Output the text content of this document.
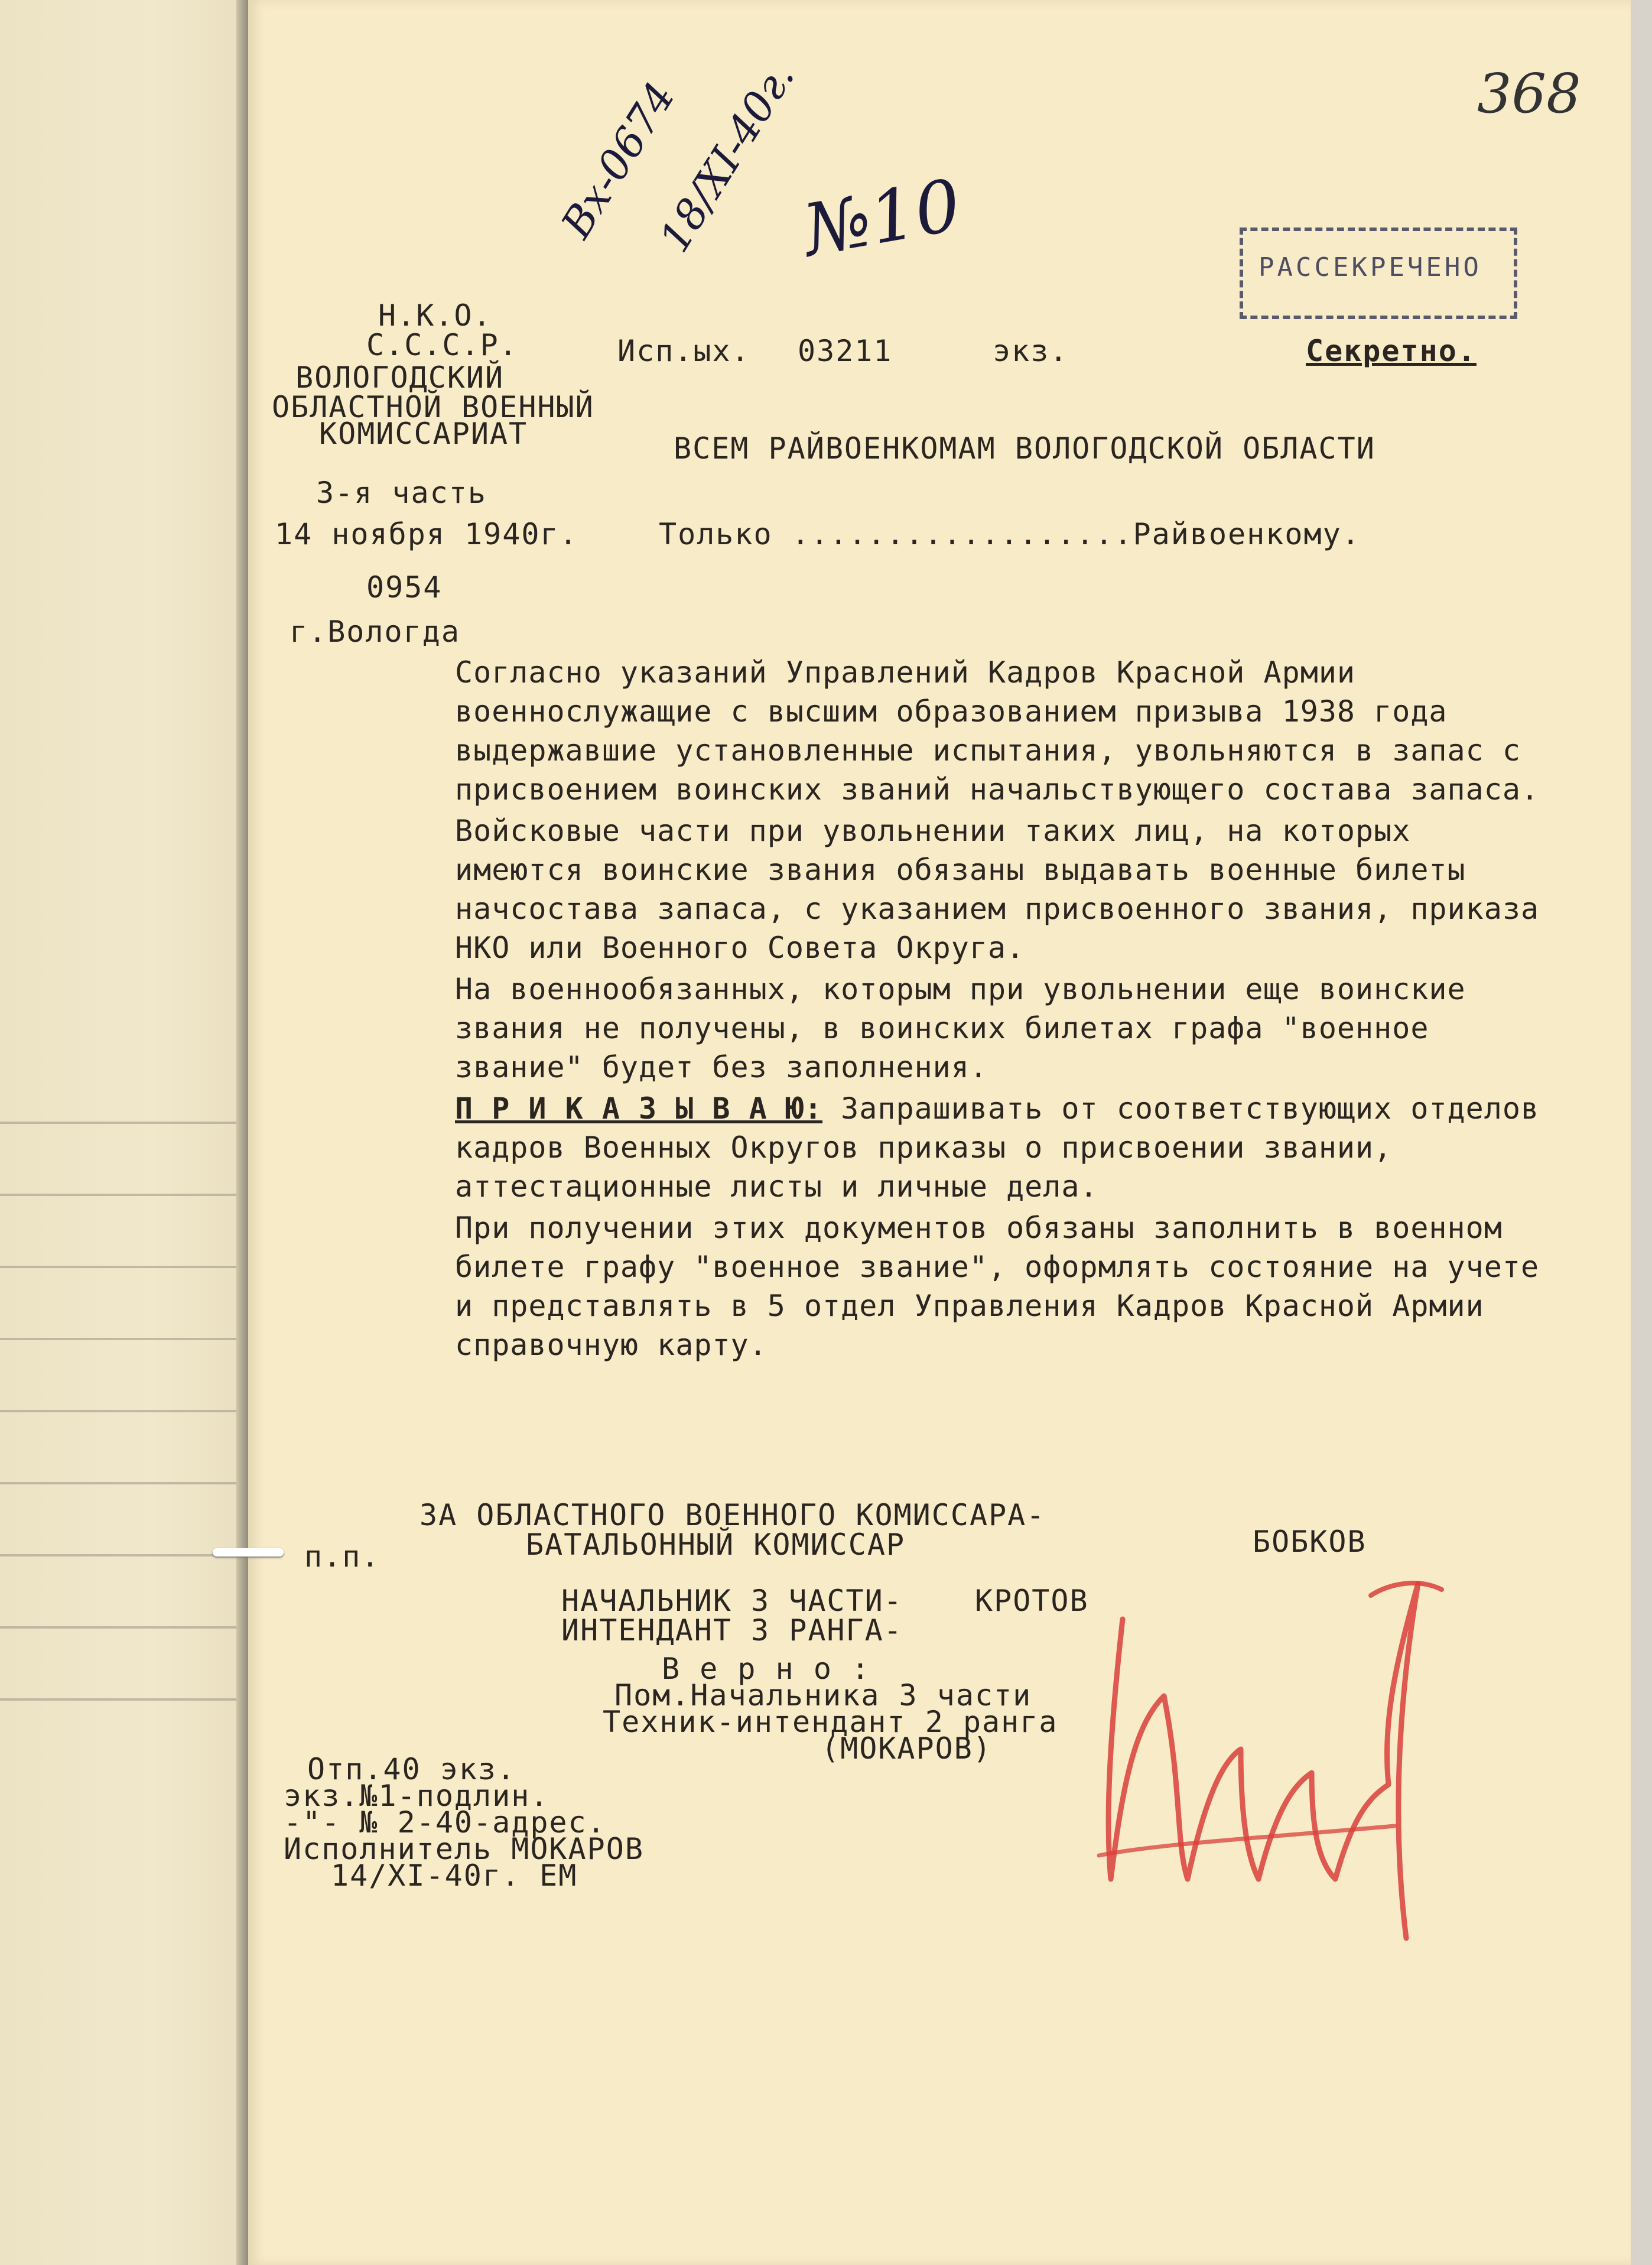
368
Вх-0674
18/XI-40г.
№10	РАССЕКРЕЧЕНО
Н.К.О.
С.С.С.Р.
ВОЛОГОДСКИЙ
ОБЛАСТНОЙ ВОЕННЫЙ
КОМИССАРИАТ
Исп.ых. 03211	экз.	Секретно.
ВСЕМ РАЙВОЕНКОМАМ ВОЛОГОДСКОЙ ОБЛАСТИ
3-я часть
14 ноября 1940г.	Только ..................Райвоенкому.
0954
г.Вологда

Согласно указаний Управлений Кадров Красной Армии военнослужащие с высшим образованием призыва 1938 года выдержавшие установленные испытания, увольняются в запас с присвоением воинских званий начальствующего состава запаса.

Войсковые части при увольнении таких лиц, на которых имеются воинские звания обязаны выдавать военные билеты начсостава запаса, с указанием присвоенного звания, приказа НКО или Военного Совета Округа.

На военнообязанных, которым при увольнении еще воинские звания не получены, в воинских билетах графа "военное звание" будет без заполнения.

П Р И К А З Ы В А Ю: Запрашивать от соответствующих отделов кадров Военных Округов приказы о присвоении звании, аттестационные листы и личные дела.

При получении этих документов обязаны заполнить в военном билете графу "военное звание", оформлять состояние на учете и представлять в 5 отдел Управления Кадров Красной Армии справочную карту.

п.п.
ЗА ОБЛАСТНОГО ВОЕННОГО КОМИССАРА-
БАТАЛЬОННЫЙ КОМИССАР	БОБКОВ
НАЧАЛЬНИК 3 ЧАСТИ- КРОТОВ
ИНТЕНДАНТ 3 РАНГА-
В е р н о :
Пом.Начальника 3 части
Техник-интендант 2 ранга
(МОКАРОВ)
Отп.40 экз.
экз.№1-подлин.
-"- № 2-40-адрес.
Исполнитель МОКАРОВ
14/XI-40г. ЕМ
